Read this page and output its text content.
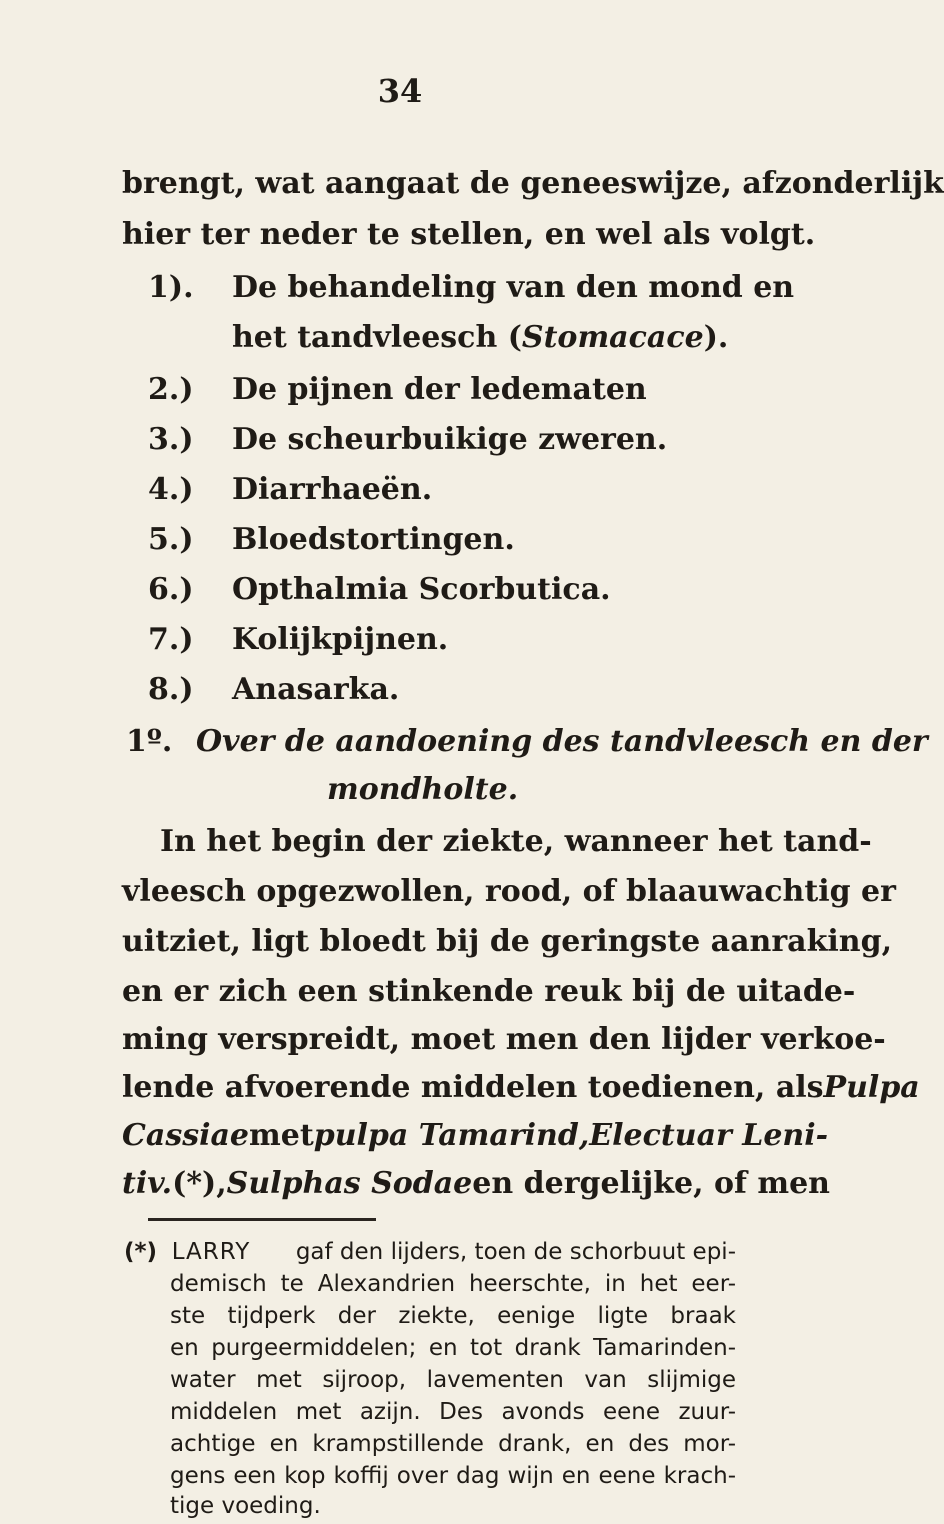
34
brengt, wat aangaat de geneeswijze, afzonderlijk
hier ter neder te stellen, en wel als volgt.
1). De behandeling van den mond en
het tandvleesch (Stomacace).
2.) De pijnen der ledematen
3.) De scheurbuikige zweren.
4.) Diarrhaeën.
5.) Bloedstortingen.
6.) Opthalmia Scorbutica.
7.) Kolijkpijnen.
8.) Anasarka.
1º. Over de aandoening des tandvleesch en der
mondholte.
In het begin der ziekte, wanneer het tand-
vleesch opgezwollen, rood, of blaauwachtig er
uitziet, ligt bloedt bij de geringste aanraking,
en er zich een stinkende reuk bij de uitade-
ming verspreidt, moet men den lijder verkoe-
lende afvoerende middelen toedienen, als Pulpa
Cassiae met pulpa Tamarind, Electuar Leni-
tiv. (*), Sulphas Sodae en dergelijke, of men
(*) LARRY gaf den lijders, toen de schorbuut epi-
demisch te Alexandrien heerschte, in het eer-
ste tijdperk der ziekte, eenige ligte braak
en purgeermiddelen; en tot drank Tamarinden-
water met sijroop, lavementen van slijmige
middelen met azijn. Des avonds eene zuur-
achtige en krampstillende drank, en des mor-
gens een kop koffij over dag wijn en eene krach-
tige voeding.
